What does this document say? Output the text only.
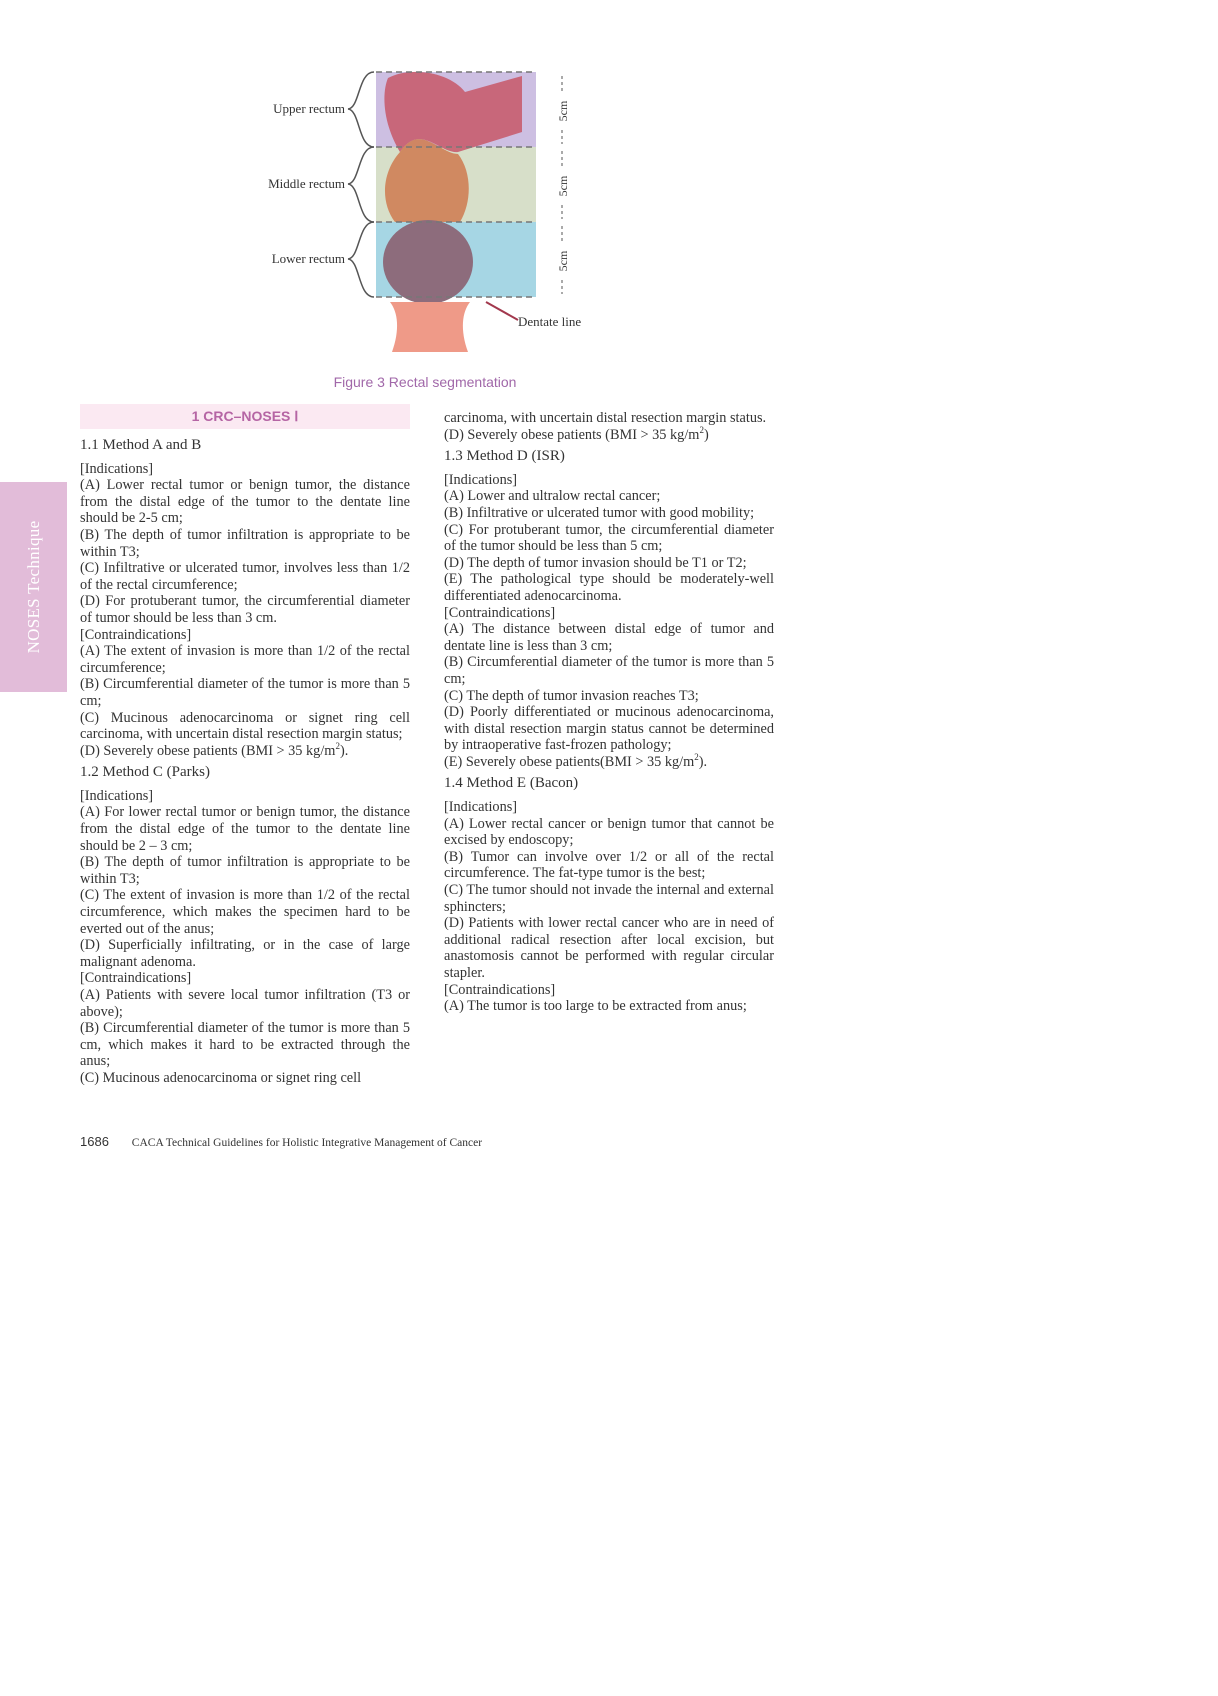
NOSES Technique
Upper rectum
Middle rectum
Lower rectum
5cm
5cm
5cm
Dentate line
Figure 3 Rectal segmentation
1 CRC–NOSES Ⅰ

1.1 Method A and B

[Indications]

(A) Lower rectal tumor or benign tumor, the distance from the distal edge of the tumor to the dentate line should be 2-5 cm;

(B) The depth of tumor infiltration is appropriate to be within T3;

(C) Infiltrative or ulcerated tumor, involves less than 1/2 of the rectal circumference;

(D) For protuberant tumor, the circumferential diameter of tumor should be less than 3 cm.

[Contraindications]

(A) The extent of invasion is more than 1/2 of the rectal circumference;

(B) Circumferential diameter of the tumor is more than 5 cm;

(C) Mucinous adenocarcinoma or signet ring cell carcinoma, with uncertain distal resection margin status;

(D) Severely obese patients (BMI > 35 $kg/m^2$).

1.2 Method C (Parks)

[Indications]

(A) For lower rectal tumor or benign tumor, the distance from the distal edge of the tumor to the dentate line should be 2 – 3 cm;

(B) The depth of tumor infiltration is appropriate to be within T3;

(C) The extent of invasion is more than 1/2 of the rectal circumference, which makes the specimen hard to be everted out of the anus;

(D) Superficially infiltrating, or in the case of large malignant adenoma.

[Contraindications]

(A) Patients with severe local tumor infiltration (T3 or above);

(B) Circumferential diameter of the tumor is more than 5 cm, which makes it hard to be extracted through the anus;

(C) Mucinous adenocarcinoma or signet ring cell

carcinoma, with uncertain distal resection margin status.

(D) Severely obese patients (BMI > 35 $kg/m^2$)

1.3 Method D (ISR)

[Indications]

(A) Lower and ultralow rectal cancer;

(B) Infiltrative or ulcerated tumor with good mobility;

(C) For protuberant tumor, the circumferential diameter of the tumor should be less than 5 cm;

(D) The depth of tumor invasion should be T1 or T2;

(E) The pathological type should be moderately-well differentiated adenocarcinoma.

[Contraindications]

(A) The distance between distal edge of tumor and dentate line is less than 3 cm;

(B) Circumferential diameter of the tumor is more than 5 cm;

(C) The depth of tumor invasion reaches T3;

(D) Poorly differentiated or mucinous adenocarcinoma, with distal resection margin status cannot be determined by intraoperative fast-frozen pathology;

(E) Severely obese patients(BMI > 35 $kg/m^2$).

1.4 Method E (Bacon)

[Indications]

(A) Lower rectal cancer or benign tumor that cannot be excised by endoscopy;

(B) Tumor can involve over 1/2 or all of the rectal circumference. The fat-type tumor is the best;

(C) The tumor should not invade the internal and external sphincters;

(D) Patients with lower rectal cancer who are in need of additional radical resection after local excision, but anastomosis cannot be performed with regular circular stapler.

[Contraindications]

(A) The tumor is too large to be extracted from anus;

1686 CACA Technical Guidelines for Holistic Integrative Management of Cancer
